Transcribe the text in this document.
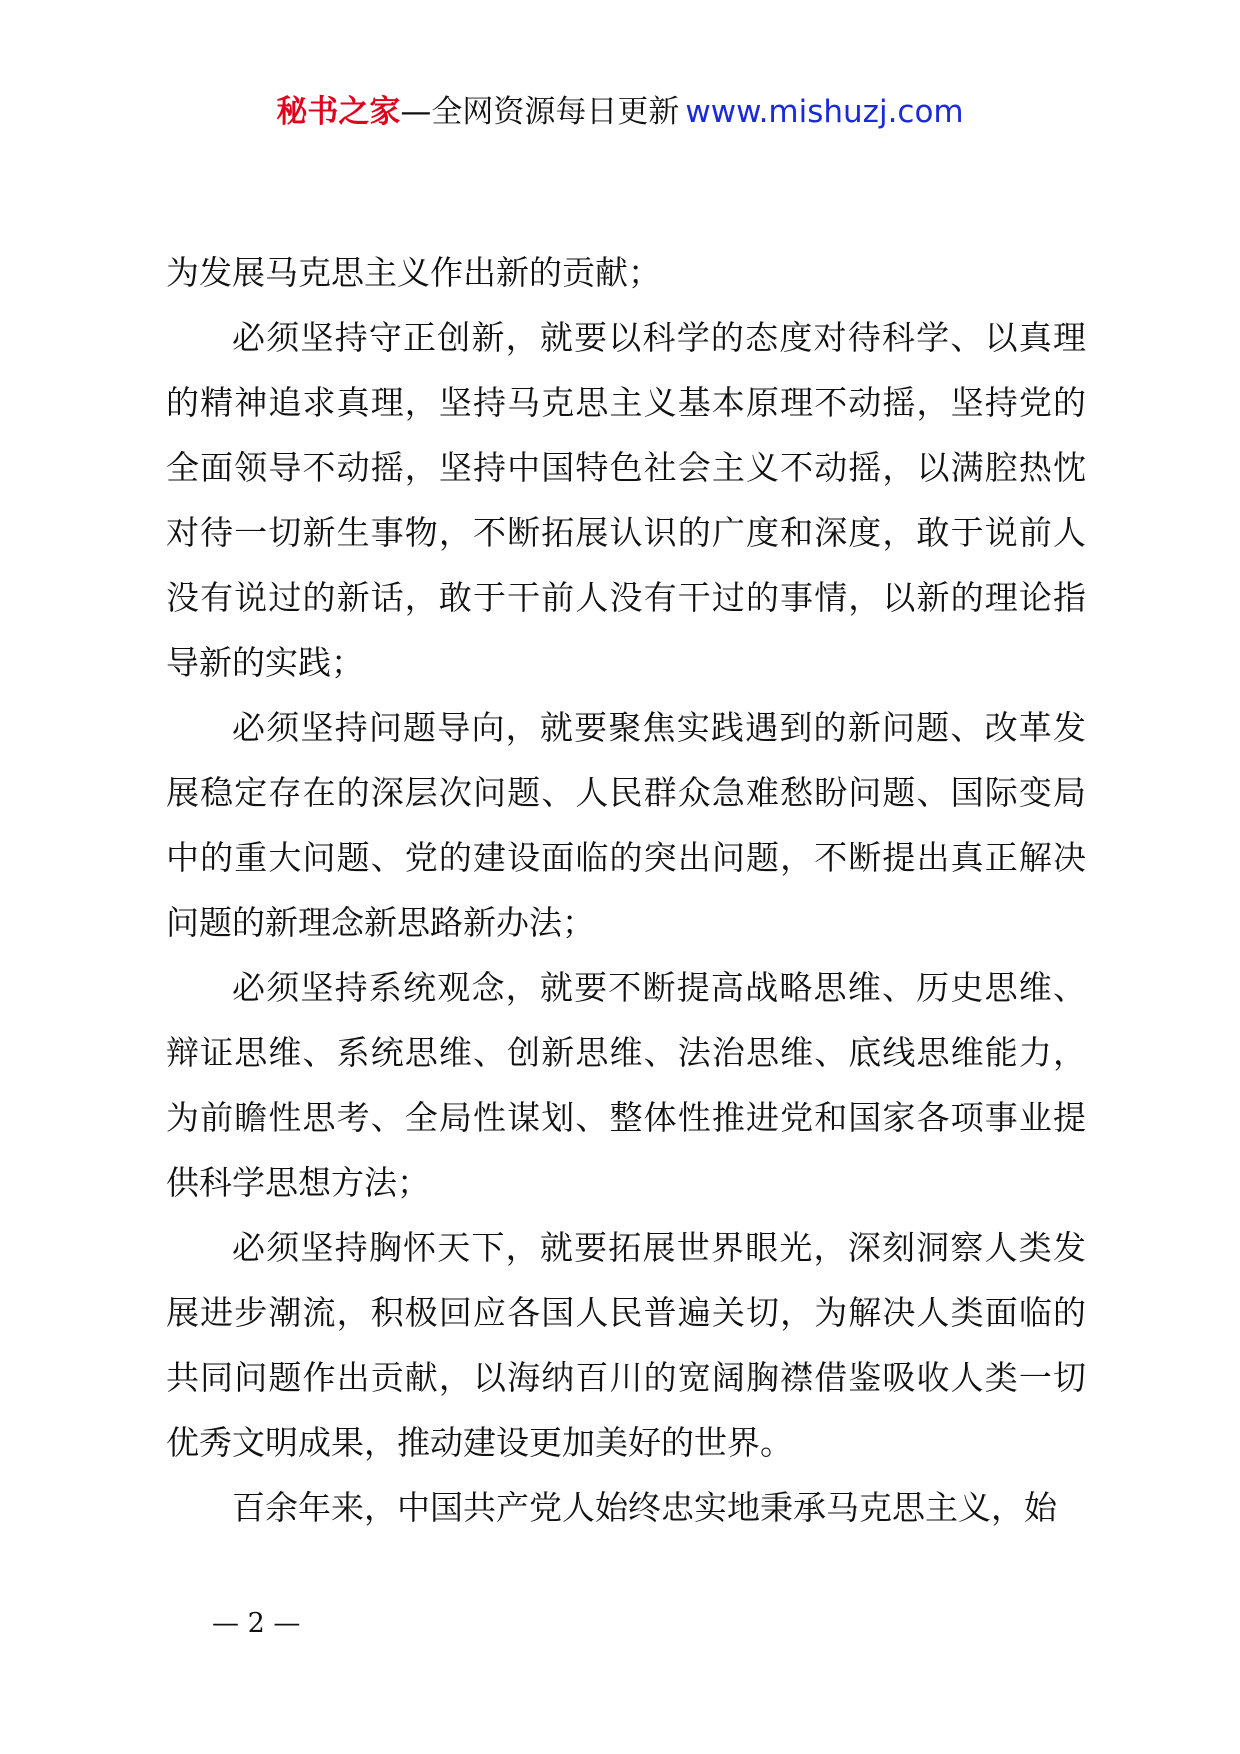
秘书之家—全网资源每日更新 www.mishuzj.com

为发展马克思主义作出新的贡献；

必须坚持守正创新，就要以科学的态度对待科学、以真理的精神追求真理，坚持马克思主义基本原理不动摇，坚持党的全面领导不动摇，坚持中国特色社会主义不动摇，以满腔热忱对待一切新生事物，不断拓展认识的广度和深度，敢于说前人没有说过的新话，敢于干前人没有干过的事情，以新的理论指导新的实践；

必须坚持问题导向，就要聚焦实践遇到的新问题、改革发展稳定存在的深层次问题、人民群众急难愁盼问题、国际变局中的重大问题、党的建设面临的突出问题，不断提出真正解决问题的新理念新思路新办法；

必须坚持系统观念，就要不断提高战略思维、历史思维、辩证思维、系统思维、创新思维、法治思维、底线思维能力，为前瞻性思考、全局性谋划、整体性推进党和国家各项事业提供科学思想方法；

必须坚持胸怀天下，就要拓展世界眼光，深刻洞察人类发展进步潮流，积极回应各国人民普遍关切，为解决人类面临的共同问题作出贡献，以海纳百川的宽阔胸襟借鉴吸收人类一切优秀文明成果，推动建设更加美好的世界。

百余年来，中国共产党人始终忠实地秉承马克思主义，始

— 2 —
